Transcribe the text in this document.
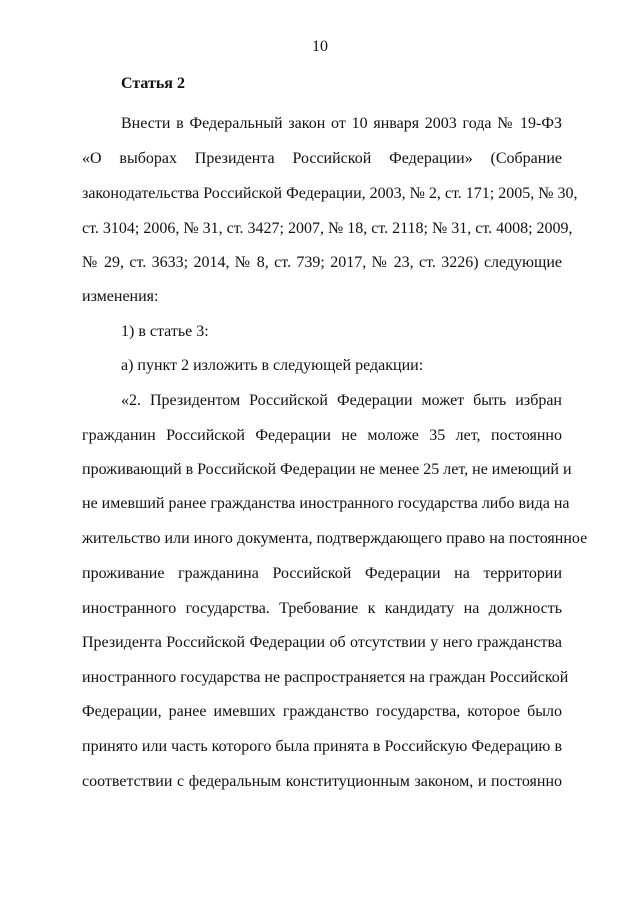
10
Статья 2
Внести в Федеральный закон от 10 января 2003 года № 19-ФЗ
«О выборах Президента Российской Федерации» (Собрание
законодательства Российской Федерации, 2003, № 2, ст. 171; 2005, № 30,
ст. 3104; 2006, № 31, ст. 3427; 2007, № 18, ст. 2118; № 31, ст. 4008; 2009,
№ 29, ст. 3633; 2014, № 8, ст. 739; 2017, № 23, ст. 3226) следующие
изменения:
1) в статье 3:
а) пункт 2 изложить в следующей редакции:
«2. Президентом Российской Федерации может быть избран
гражданин Российской Федерации не моложе 35 лет, постоянно
проживающий в Российской Федерации не менее 25 лет, не имеющий и
не имевший ранее гражданства иностранного государства либо вида на
жительство или иного документа, подтверждающего право на постоянное
проживание гражданина Российской Федерации на территории
иностранного государства. Требование к кандидату на должность
Президента Российской Федерации об отсутствии у него гражданства
иностранного государства не распространяется на граждан Российской
Федерации, ранее имевших гражданство государства, которое было
принято или часть которого была принята в Российскую Федерацию в
соответствии с федеральным конституционным законом, и постоянно
